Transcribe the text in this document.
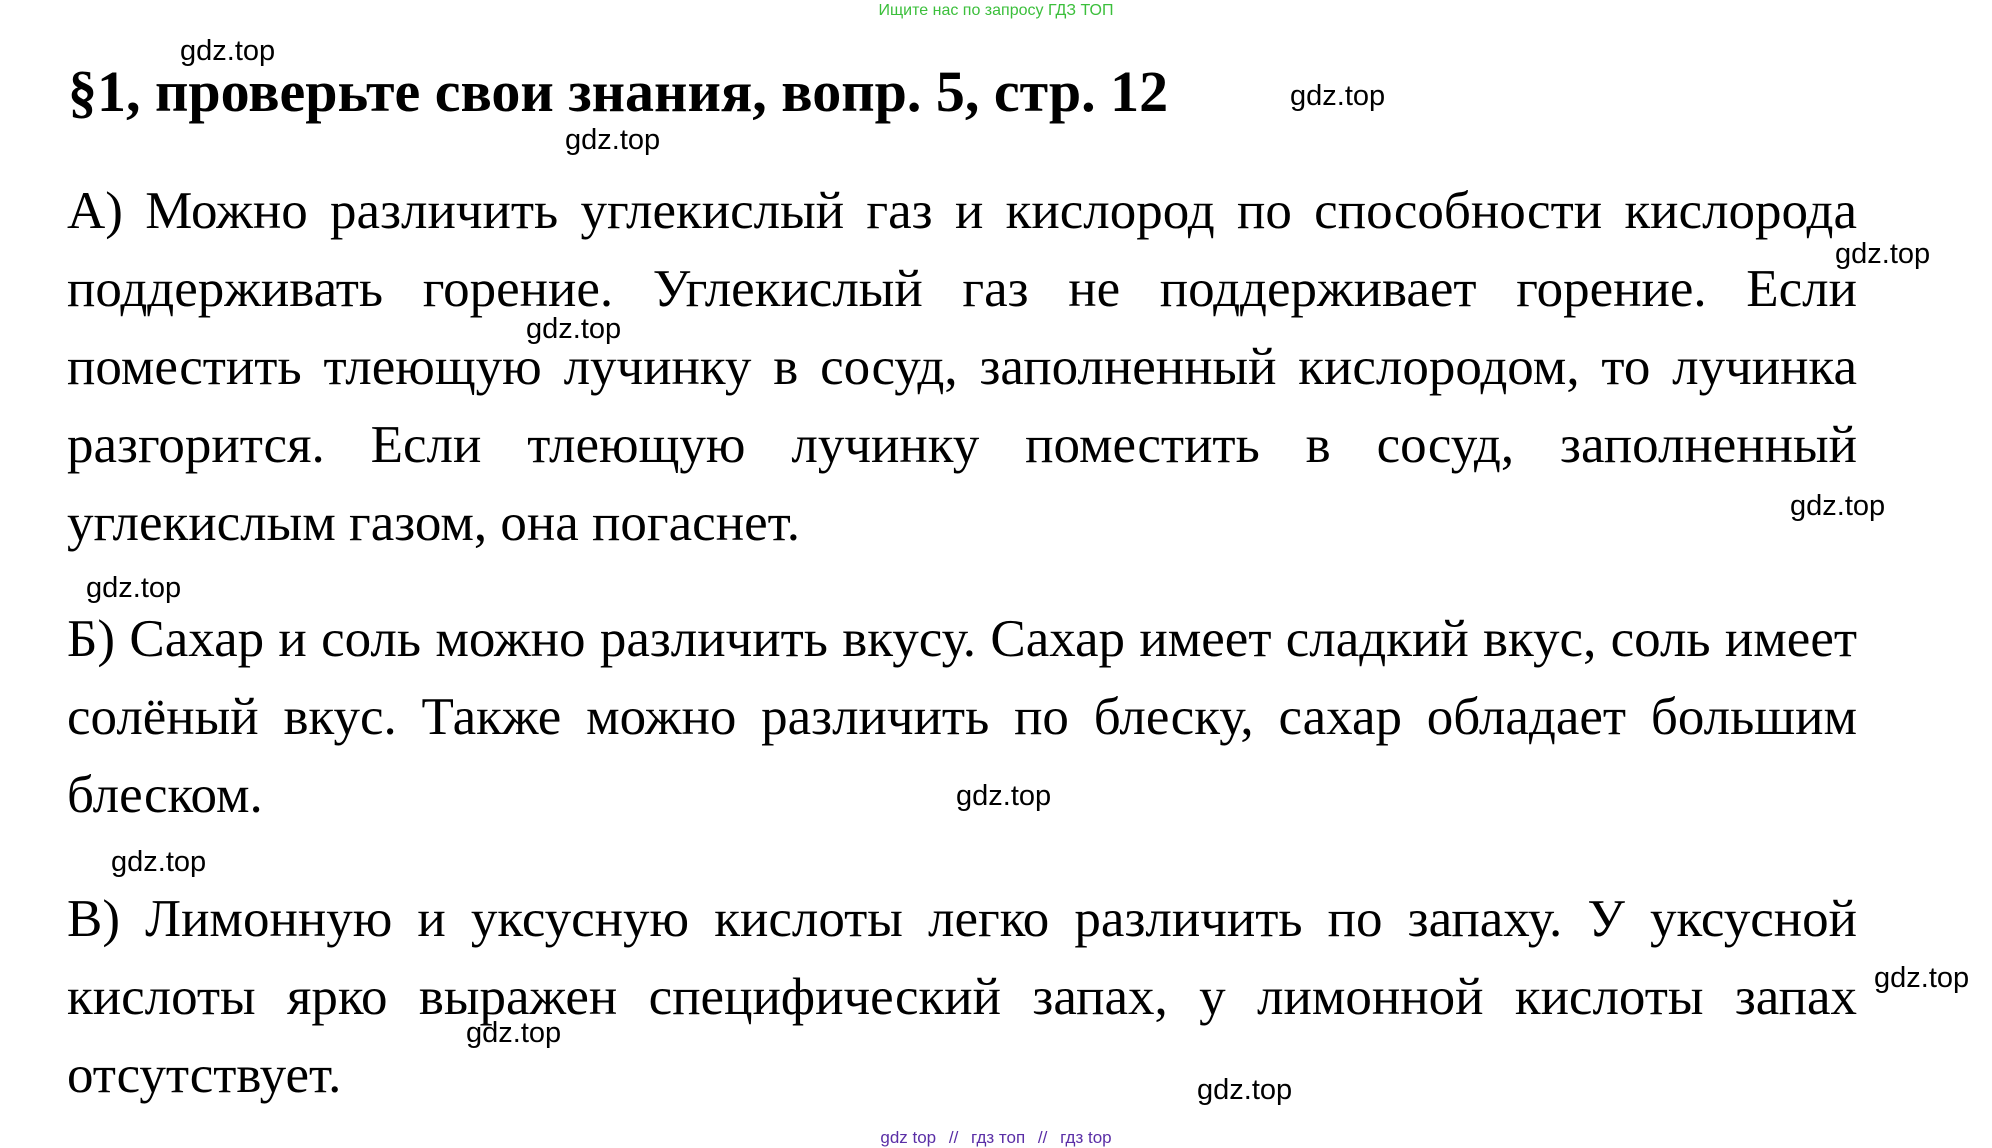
Ищите нас по запросу ГДЗ ТОП
§1, проверьте свои знания, вопр. 5, стр. 12

А) Можно различить углекислый газ и кислород по способности кислорода поддерживать горение. Углекислый газ не поддерживает горение. Если поместить тлеющую лучинку в сосуд, заполненный кислородом, то лучинка разгорится. Если тлеющую лучинку поместить в сосуд, заполненный углекислым газом, она погаснет.

Б) Сахар и соль можно различить вкусу. Сахар имеет сладкий вкус, соль имеет солёный вкус. Также можно различить по блеску, сахар обладает большим блеском.

В) Лимонную и уксусную кислоты легко различить по запаху. У уксусной кислоты ярко выражен специфический запах, у лимонной кислоты запах отсутствует.

gdz.top
gdz.top
gdz.top
gdz.top
gdz.top
gdz.top
gdz.top
gdz.top
gdz.top
gdz.top
gdz.top
gdz.top
gdz top // гдз топ // гдз top
